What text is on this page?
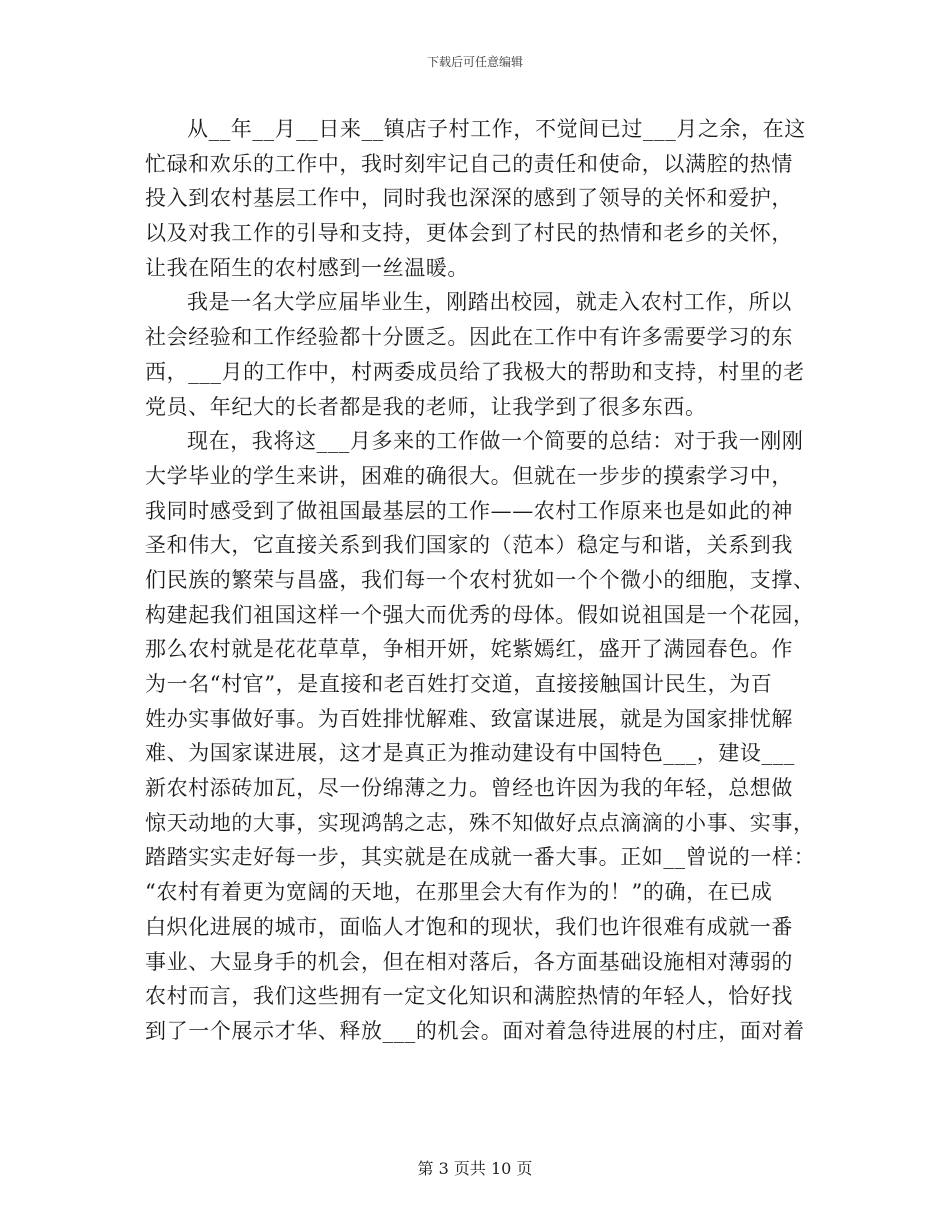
下载后可任意编辑
从__年__月__日来__镇店子村工作，不觉间已过___月之余，在这
忙碌和欢乐的工作中，我时刻牢记自己的责任和使命，以满腔的热情
投入到农村基层工作中，同时我也深深的感到了领导的关怀和爱护，
以及对我工作的引导和支持，更体会到了村民的热情和老乡的关怀，
让我在陌生的农村感到一丝温暖。
我是一名大学应届毕业生，刚踏出校园，就走入农村工作，所以
社会经验和工作经验都十分匮乏。因此在工作中有许多需要学习的东
西，___月的工作中，村两委成员给了我极大的帮助和支持，村里的老
党员、年纪大的长者都是我的老师，让我学到了很多东西。
现在，我将这___月多来的工作做一个简要的总结：对于我一刚刚
大学毕业的学生来讲，困难的确很大。但就在一步步的摸索学习中，
我同时感受到了做祖国最基层的工作——农村工作原来也是如此的神
圣和伟大，它直接关系到我们国家的（范本）稳定与和谐，关系到我
们民族的繁荣与昌盛，我们每一个农村犹如一个个微小的细胞，支撑、
构建起我们祖国这样一个强大而优秀的母体。假如说祖国是一个花园，
那么农村就是花花草草，争相开妍，姹紫嫣红，盛开了满园春色。作
为一名“村官”，是直接和老百姓打交道，直接接触国计民生，为百
姓办实事做好事。为百姓排忧解难、致富谋进展，就是为国家排忧解
难、为国家谋进展，这才是真正为推动建设有中国特色___，建设___
新农村添砖加瓦，尽一份绵薄之力。曾经也许因为我的年轻，总想做
惊天动地的大事，实现鸿鹄之志，殊不知做好点点滴滴的小事、实事，
踏踏实实走好每一步，其实就是在成就一番大事。正如__曾说的一样：
“农村有着更为宽阔的天地，在那里会大有作为的！”的确，在已成
白炽化进展的城市，面临人才饱和的现状，我们也许很难有成就一番
事业、大显身手的机会，但在相对落后，各方面基础设施相对薄弱的
农村而言，我们这些拥有一定文化知识和满腔热情的年轻人，恰好找
到了一个展示才华、释放___的机会。面对着急待进展的村庄，面对着
第 3 页共 10 页
